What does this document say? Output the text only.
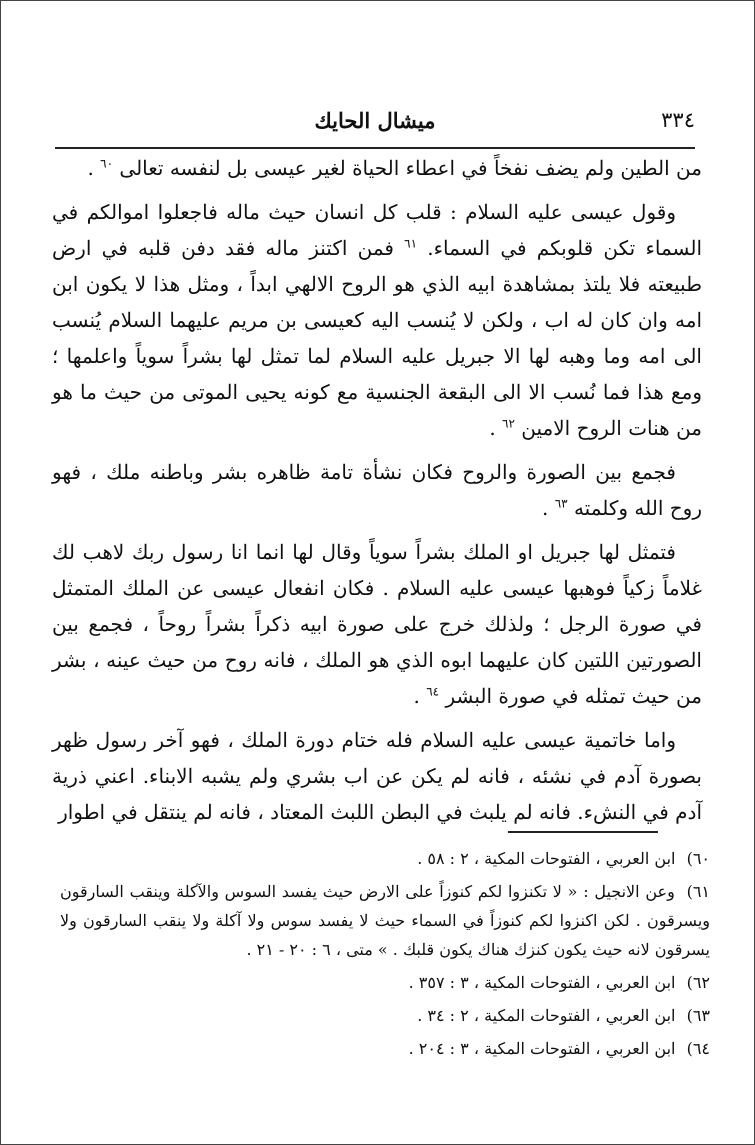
٣٣٤
ميشال الحايك

من الطين ولم يضف نفخاً في اعطاء الحياة لغير عيسى بل لنفسه تعالى $^{٦٠}$ .

وقول عيسى عليه السلام : قلب كل انسان حيث ماله فاجعلوا اموالكم في السماء تكن قلوبكم في السماء. $^{٦١}$ فمن اكتنز ماله فقد دفن قلبه في ارض طبيعته فلا يلتذ بمشاهدة ابيه الذي هو الروح الالهي ابداً ، ومثل هذا لا يكون ابن امه وان كان له اب ، ولكن لا يُنسب اليه كعيسى بن مريم عليهما السلام يُنسب الى امه وما وهبه لها الا جبريل عليه السلام لما تمثل لها بشراً سوياً واعلمها ؛ ومع هذا فما نُسب الا الى البقعة الجنسية مع كونه يحيى الموتى من حيث ما هو من هنات الروح الامين $^{٦٢}$ .

فجمع بين الصورة والروح فكان نشأة تامة ظاهره بشر وباطنه ملك ، فهو روح الله وكلمته $^{٦٣}$ .

فتمثل لها جبريل او الملك بشراً سوياً وقال لها انما انا رسول ربك لاهب لك غلاماً زكياً فوهبها عيسى عليه السلام . فكان انفعال عيسى عن الملك المتمثل في صورة الرجل ؛ ولذلك خرج على صورة ابيه ذكراً بشراً روحاً ، فجمع بين الصورتين اللتين كان عليهما ابوه الذي هو الملك ، فانه روح من حيث عينه ، بشر من حيث تمثله في صورة البشر $^{٦٤}$ .

واما خاتمية عيسى عليه السلام فله ختام دورة الملك ، فهو آخر رسول ظهر بصورة آدم في نشئه ، فانه لم يكن عن اب بشري ولم يشبه الابناء. اعني ذرية آدم في النشء. فانه لم يلبث في البطن اللبث المعتاد ، فانه لم ينتقل في اطوار

٦٠) ابن العربي ، الفتوحات المكية ، ٢ : ٥٨ .
٦١) وعن الانجيل : « لا تكنزوا لكم كنوزاً على الارض حيث يفسد السوس والآكلة وينقب السارقون ويسرقون . لكن اكنزوا لكم كنوزاً في السماء حيث لا يفسد سوس ولا آكلة ولا ينقب السارقون ولا يسرقون لانه حيث يكون كنزك هناك يكون قلبك . » متى ، ٦ : ٢٠ - ٢١ .
٦٢) ابن العربي ، الفتوحات المكية ، ٣ : ٣٥٧ .
٦٣) ابن العربي ، الفتوحات المكية ، ٢ : ٣٤ .
٦٤) ابن العربي ، الفتوحات المكية ، ٣ : ٢٠٤ .
